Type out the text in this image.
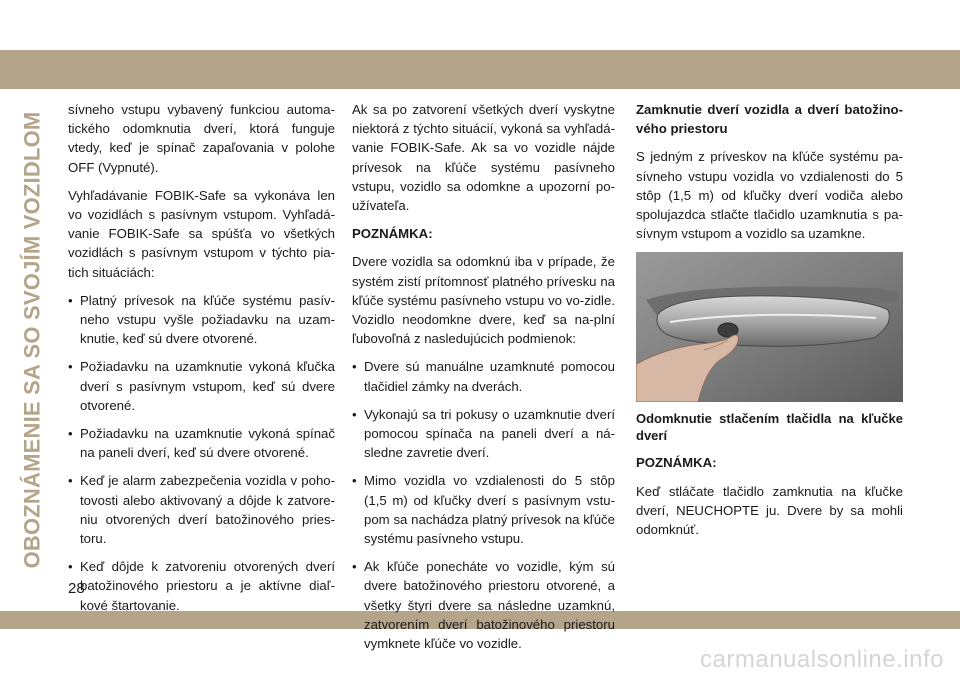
OBOZNÁMENIE SA SO SVOJÍM VOZIDLOM

sívneho vstupu vybavený funkciou automa-tického odomknutia dverí, ktorá funguje vtedy, keď je spínač zapaľovania v polohe OFF (Vypnuté).

Vyhľadávanie FOBIK-Safe sa vykonáva len vo vozidlách s pasívnym vstupom. Vyhľadá-vanie FOBIK-Safe sa spúšťa vo všetkých vozidlách s pasívnym vstupom v týchto pia-tich situáciách:

• Platný prívesok na kľúče systému pasív-neho vstupu vyšle požiadavku na uzam-knutie, keď sú dvere otvorené.

• Požiadavku na uzamknutie vykoná kľučka dverí s pasívnym vstupom, keď sú dvere otvorené.

• Požiadavku na uzamknutie vykoná spínač na paneli dverí, keď sú dvere otvorené.

• Keď je alarm zabezpečenia vozidla v poho-tovosti alebo aktivovaný a dôjde k zatvore-niu otvorených dverí batožinového pries-toru.

• Keď dôjde k zatvoreniu otvorených dverí batožinového priestoru a je aktívne diaľ-kové štartovanie.

Ak sa po zatvorení všetkých dverí vyskytne niektorá z týchto situácií, vykoná sa vyhľadá-vanie FOBIK-Safe. Ak sa vo vozidle nájde prívesok na kľúče systému pasívneho vstupu, vozidlo sa odomkne a upozorní po-užívateľa.

POZNÁMKA:

Dvere vozidla sa odomknú iba v prípade, že systém zistí prítomnosť platného prívesku na kľúče systému pasívneho vstupu vo vo-zidle. Vozidlo neodomkne dvere, keď sa na-plní ľubovoľná z nasledujúcich podmienok:

• Dvere sú manuálne uzamknuté pomocou tlačidiel zámky na dverách.

• Vykonajú sa tri pokusy o uzamknutie dverí pomocou spínača na paneli dverí a ná-sledne zavretie dverí.

• Mimo vozidla vo vzdialenosti do 5 stôp (1,5 m) od kľučky dverí s pasívnym vstu-pom sa nachádza platný prívesok na kľúče systému pasívneho vstupu.

• Ak kľúče ponecháte vo vozidle, kým sú dvere batožinového priestoru otvorené, a všetky štyri dvere sa následne uzamknú, zatvorením dverí batožinového priestoru vymknete kľúče vo vozidle.

Zamknutie dverí vozidla a dverí batožino-vého priestoru

S jedným z príveskov na kľúče systému pa-sívneho vstupu vozidla vo vzdialenosti do 5 stôp (1,5 m) od kľučky dverí vodiča alebo spolujazdca stlačte tlačidlo uzamknutia s pa-sívnym vstupom a vozidlo sa uzamkne.

Odomknutie stlačením tlačidla na kľučke dverí

POZNÁMKA:

Keď stláčate tlačidlo zamknutia na kľučke dverí, NEUCHOPTE ju. Dvere by sa mohli odomknúť.

28
carmanualsonline.info
